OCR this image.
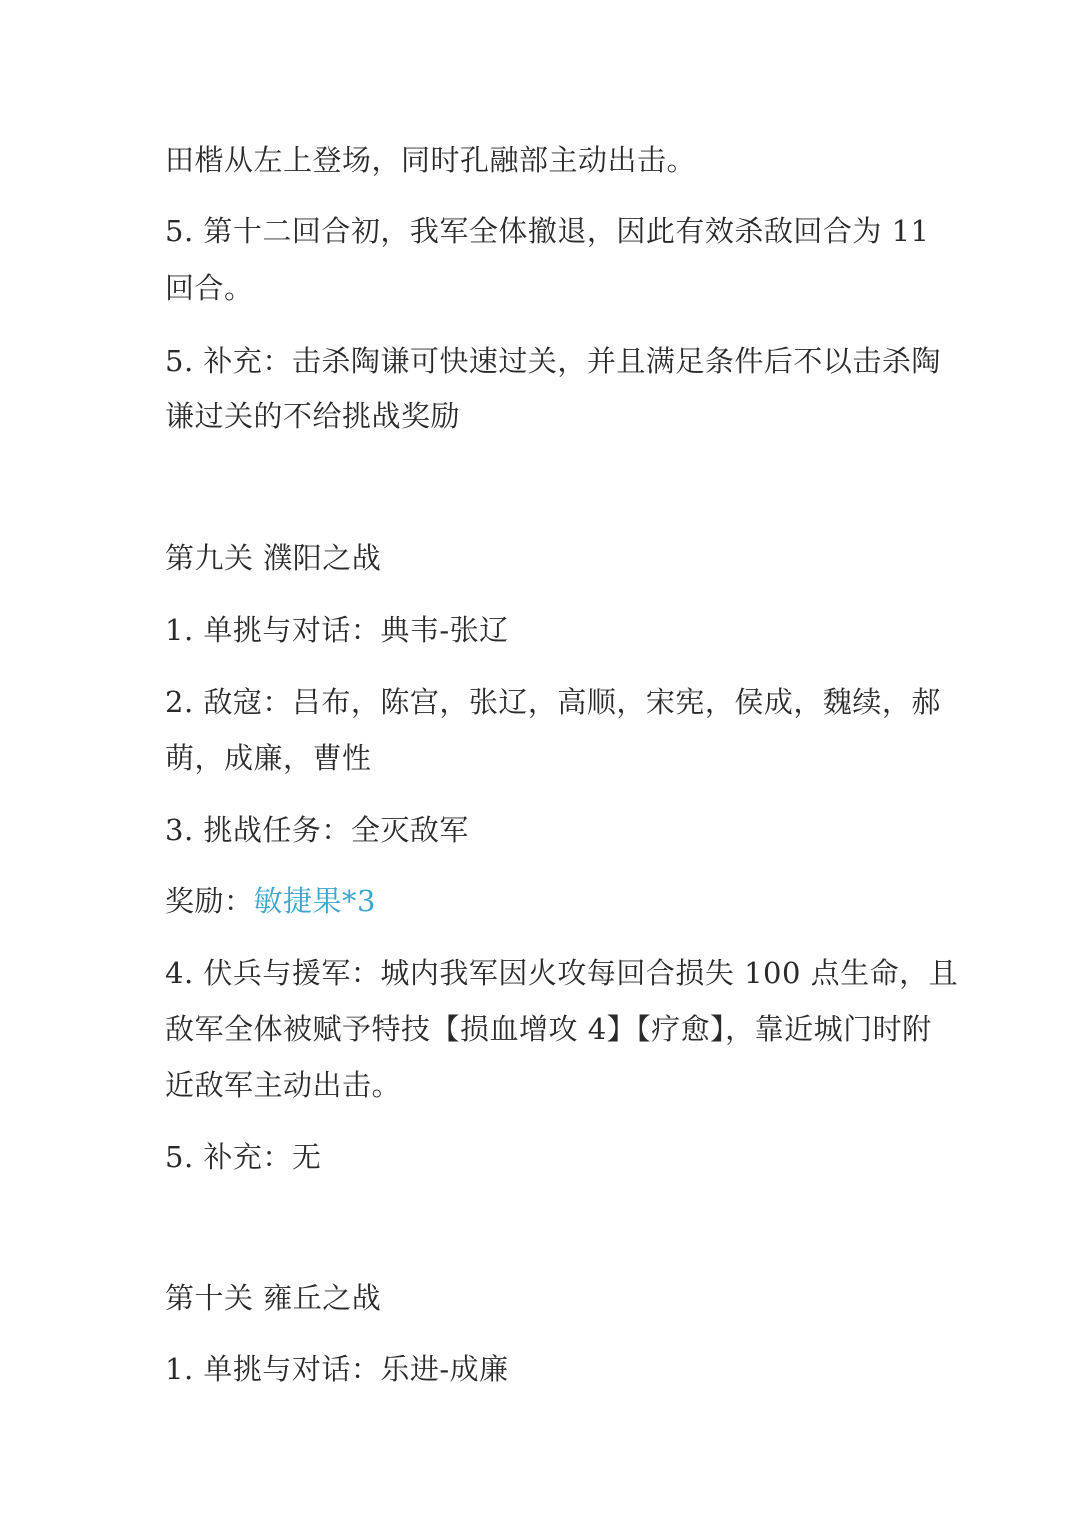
田楷从左上登场，同时孔融部主动出击。
5. 第十二回合初，我军全体撤退，因此有效杀敌回合为 11
回合。
5. 补充：击杀陶谦可快速过关，并且满足条件后不以击杀陶
谦过关的不给挑战奖励
第九关 濮阳之战
1. 单挑与对话：典韦-张辽
2. 敌寇：吕布，陈宫，张辽，高顺，宋宪，侯成，魏续，郝
萌，成廉，曹性
3. 挑战任务：全灭敌军
奖励：敏捷果*3
4. 伏兵与援军：城内我军因火攻每回合损失 100 点生命，且
敌军全体被赋予特技【损血增攻 4】【疗愈】，靠近城门时附
近敌军主动出击。
5. 补充：无
第十关 雍丘之战
1. 单挑与对话：乐进-成廉
